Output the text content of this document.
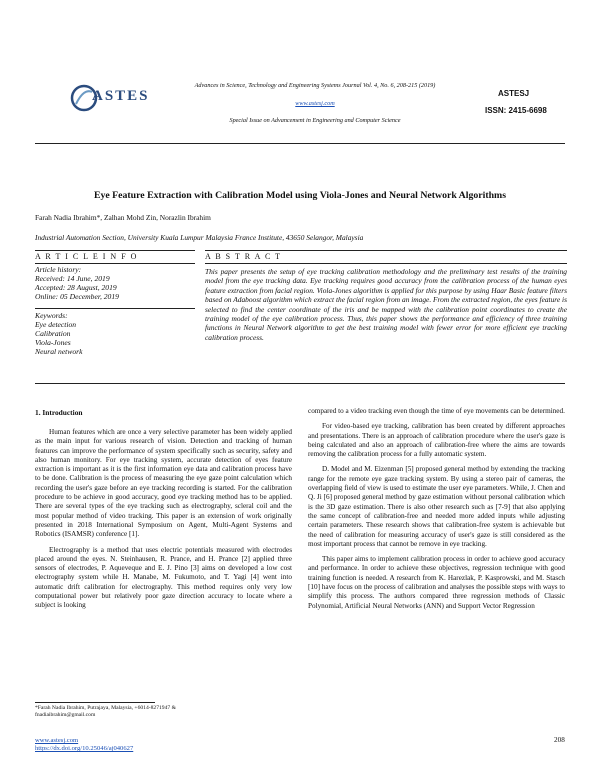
ASTES
Advances in Science, Technology and Engineering Systems Journal Vol. 4, No. 6, 208-215 (2019)
www.astesj.com
Special Issue on Advancement in Engineering and Computer Science
ASTESJ
ISSN: 2415-6698
Eye Feature Extraction with Calibration Model using Viola-Jones and Neural Network Algorithms
Farah Nadia Ibrahim*, Zalhan Mohd Zin, Norazlin Ibrahim
Industrial Automation Section, University Kuala Lumpur Malaysia France Institute, 43650 Selangor, Malaysia
A R T I C L E I N F O	A B S T R A C T
Article history:
Received: 14 June, 2019
Accepted: 28 August, 2019
Online: 05 December, 2019
Keywords:
Eye detection
Calibration
Viola-Jones
Neural network
This paper presents the setup of eye tracking calibration methodology and the preliminary test results of the training model from the eye tracking data. Eye tracking requires good accuracy from the calibration process of the human eyes feature extraction from facial region. Viola-Jones algorithm is applied for this purpose by using Haar Basic feature filters based on Adaboost algorithm which extract the facial region from an image. From the extracted region, the eyes feature is selected to find the center coordinate of the iris and be mapped with the calibration point coordinates to create the training model of the eye calibration process. Thus, this paper shows the performance and efficiency of three training functions in Neural Network algorithm to get the best training model with fewer error for more efficient eye tracking calibration process.
1. Introduction

Human features which are once a very selective parameter has been widely applied as the main input for various research of vision. Detection and tracking of human features can improve the performance of system specifically such as security, safety and also human monitory. For eye tracking system, accurate detection of eyes feature extraction is important as it is the first information eye data and calibration process have to be done. Calibration is the process of measuring the eye gaze point calculation which recording the user's gaze before an eye tracking recording is started. For the calibration procedure to be achieve in good accuracy, good eye tracking method has to be applied. There are several types of the eye tracking such as electrography, scleral coil and the most popular method of video tracking. This paper is an extension of work originally presented in 2018 International Symposium on Agent, Multi-Agent Systems and Robotics (ISAMSR) conference [1].

Electrography is a method that uses electric potentials measured with electrodes placed around the eyes. N. Steinhausen, R. Prance, and H. Prance [2] applied three sensors of electrodes, P. Aqueveque and E. J. Pino [3] aims on developed a low cost electrography system while H. Manabe, M. Fukumoto, and T. Yagi [4] went into automatic drift calibration for electrography. This method requires only very low computational power but relatively poor gaze direction accuracy to locate where a subject is looking

compared to a video tracking even though the time of eye movements can be determined.

For video-based eye tracking, calibration has been created by different approaches and presentations. There is an approach of calibration procedure where the user's gaze is being calculated and also an approach of calibration-free where the aims are towards removing the calibration process for a fully automatic system.

D. Model and M. Eizenman [5] proposed general method by extending the tracking range for the remote eye gaze tracking system. By using a stereo pair of cameras, the overlapping field of view is used to estimate the user eye parameters. While, J. Chen and Q. Ji [6] proposed general method by gaze estimation without personal calibration which is the 3D gaze estimation. There is also other research such as [7-9] that also applying the same concept of calibration-free and needed more added inputs while adjusting certain parameters. These research shows that calibration-free system is achievable but the need of calibration for measuring accuracy of user's gaze is still considered as the most important process that cannot be remove in eye tracking.

This paper aims to implement calibration process in order to achieve good accuracy and performance. In order to achieve these objectives, regression technique with good training function is needed. A research from K. Harezlak, P. Kasprowski, and M. Stasch [10] have focus on the process of calibration and analyses the possible steps with ways to simplify this process. The authors compared three regression methods of Classic Polynomial, Artificial Neural Networks (ANN) and Support Vector Regression

*Farah Nadia Ibrahim, Putrajaya, Malaysia, +6014-8271947 &
fnadiaibrahim@gmail.com
www.astesj.com
https://dx.doi.org/10.25046/aj040627
208
